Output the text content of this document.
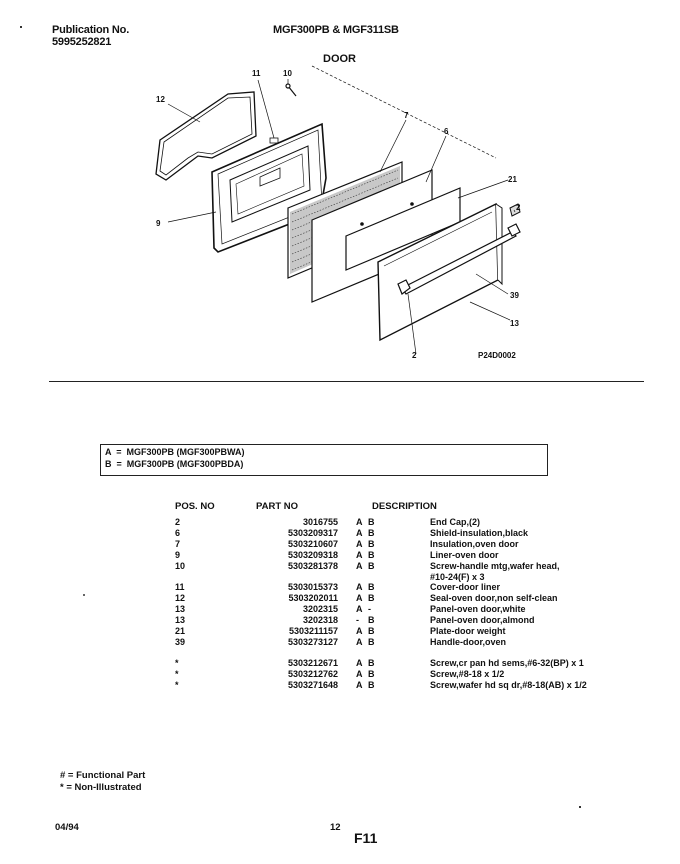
Publication No.
5995252821
MGF300PB & MGF311SB
DOOR
11	10
12
7
6
9
21
2
39
13
2	P24D0002
A  =  MGF300PB (MGF300PBWA)
B  =  MGF300PB (MGF300PBDA)
POS. NO	PART NO	DESCRIPTION
2	3016755	A B	End Cap,(2)
6	5303209317	A B	Shield-insulation,black
7	5303210607	A B	Insulation,oven door
9	5303209318	A B	Liner-oven door
10	5303281378	A B	Screw-handle mtg,wafer head,
			#10-24(F) x 3
11	5303015373	A B	Cover-door liner
12	5303202011	A B	Seal-oven door,non self-clean
13	3202315	A -	Panel-oven door,white
13	3202318	- B	Panel-oven door,almond
21	5303211157	A B	Plate-door weight
39	5303273127	A B	Handle-door,oven

*	5303212671	A B	Screw,cr pan hd sems,#6-32(BP) x 1
*	5303212762	A B	Screw,#8-18 x 1/2
*	5303271648	A B	Screw,wafer hd sq dr,#8-18(AB) x 1/2
# = Functional Part
* = Non-Illustrated
04/94	12
F11
